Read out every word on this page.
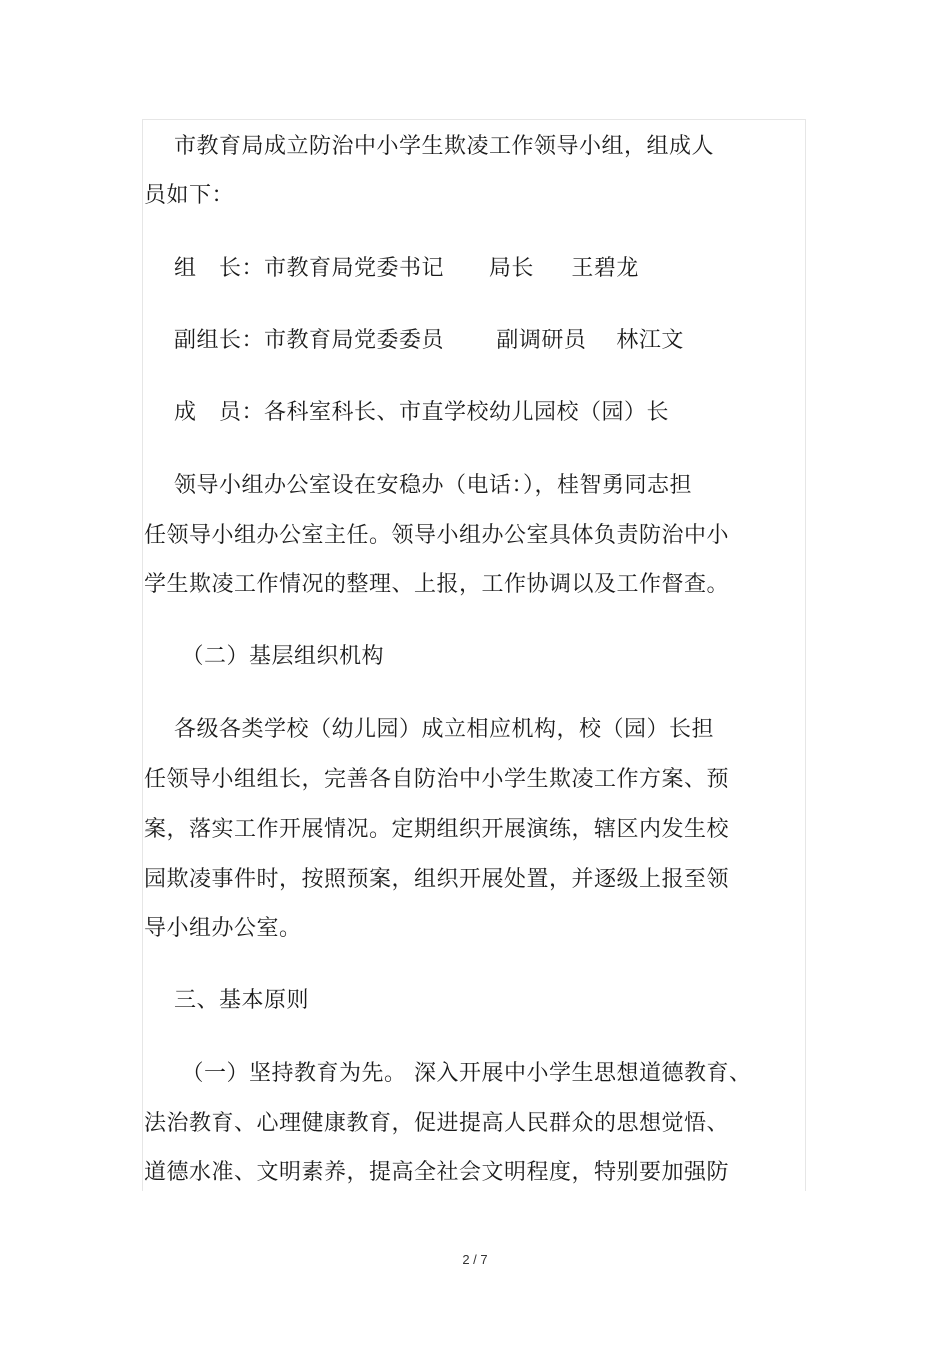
市教育局成立防治中小学生欺凌工作领导小组，组成人
员如下：
组   长：市教育局党委书记      局长     王碧龙
副组长：市教育局党委委员       副调研员    林江文
成   员：各科室科长、市直学校幼儿园校（园）长
领导小组办公室设在安稳办（电话：），桂智勇同志担
任领导小组办公室主任。领导小组办公室具体负责防治中小
学生欺凌工作情况的整理、上报，工作协调以及工作督查。
（二）基层组织机构
各级各类学校（幼儿园）成立相应机构，校（园）长担
任领导小组组长，完善各自防治中小学生欺凌工作方案、预
案，落实工作开展情况。定期组织开展演练，辖区内发生校
园欺凌事件时，按照预案，组织开展处置，并逐级上报至领
导小组办公室。
三、基本原则
（一）坚持教育为先。 深入开展中小学生思想道德教育、
法治教育、心理健康教育，促进提高人民群众的思想觉悟、
道德水准、文明素养，提高全社会文明程度，特别要加强防
2 / 7
